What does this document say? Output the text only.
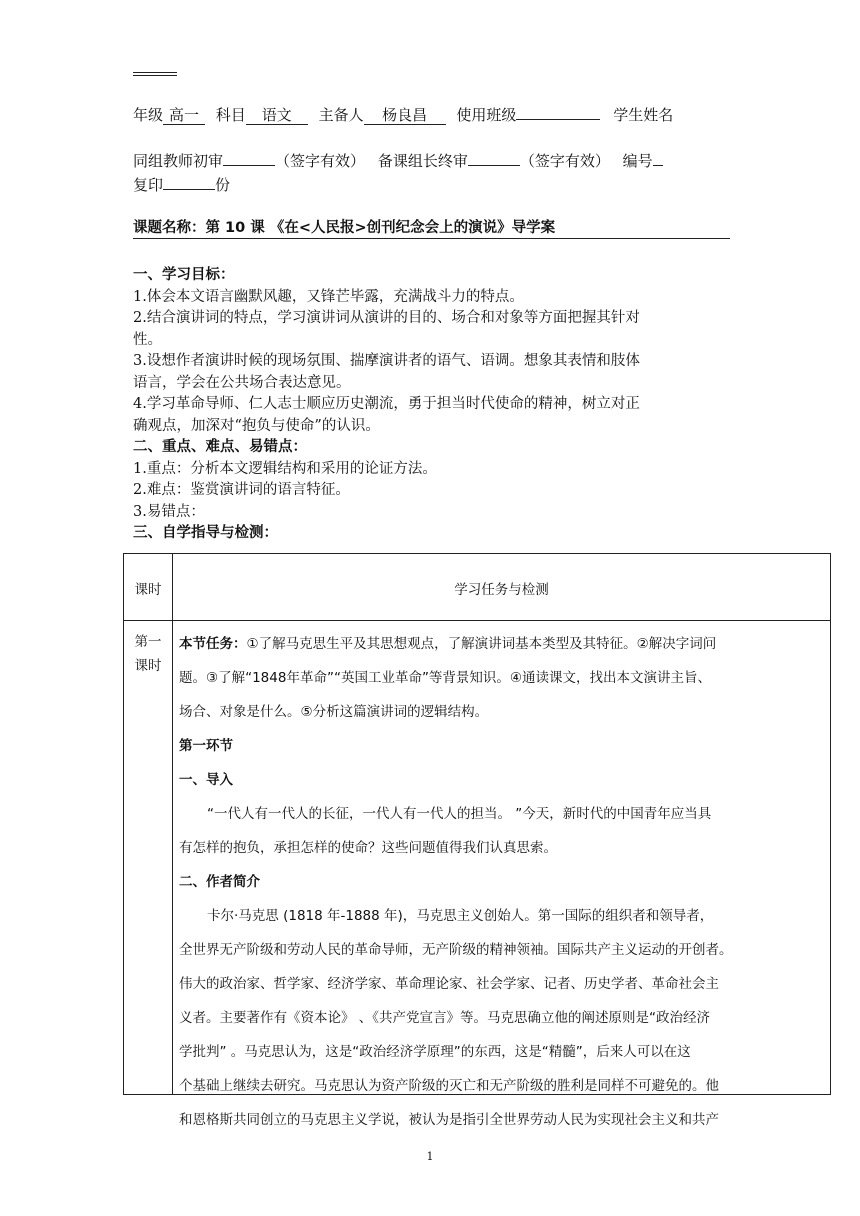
年级 高一 科目 语文 主备人 杨良昌 使用班级	学生姓名
同组教师初审	（签字有效） 备课组长终审	（签字有效） 编号
复印	份
课题名称：第 10 课 《在<人民报>创刊纪念会上的演说》导学案
一、学习目标：
1.体会本文语言幽默风趣，又锋芒毕露，充满战斗力的特点。
2.结合演讲词的特点，学习演讲词从演讲的目的、场合和对象等方面把握其针对
性。
3.设想作者演讲时候的现场氛围、揣摩演讲者的语气、语调。想象其表情和肢体
语言，学会在公共场合表达意见。
4.学习革命导师、仁人志士顺应历史潮流，勇于担当时代使命的精神，树立对正
确观点，加深对“抱负与使命”的认识。
二、重点、难点、易错点：
1.重点：分析本文逻辑结构和采用的论证方法。
2.难点：鉴赏演讲词的语言特征。
3.易错点：
三、自学指导与检测：
课时	学习任务与检测
第一
课时
本节任务：①了解马克思生平及其思想观点，了解演讲词基本类型及其特征。②解决字词问
题。③了解“1848年革命”“英国工业革命”等背景知识。④通读课文，找出本文演讲主旨、
场合、对象是什么。⑤分析这篇演讲词的逻辑结构。
第一环节
一、导入
“一代人有一代人的长征，一代人有一代人的担当。 ”今天，新时代的中国青年应当具
有怎样的抱负，承担怎样的使命？这些问题值得我们认真思索。
二、作者简介
卡尔·马克思 (1818 年-1888 年)，马克思主义创始人。第一国际的组织者和领导者，
全世界无产阶级和劳动人民的革命导师，无产阶级的精神领袖。国际共产主义运动的开创者。
伟大的政治家、哲学家、经济学家、革命理论家、社会学家、记者、历史学者、革命社会主
义者。主要著作有《资本论》 、《共产党宣言》等。马克思确立他的阐述原则是“政治经济
学批判” 。马克思认为，这是“政治经济学原理”的东西，这是“精髓”，后来人可以在这
个基础上继续去研究。马克思认为资产阶级的灭亡和无产阶级的胜利是同样不可避免的。他
和恩格斯共同创立的马克思主义学说，被认为是指引全世界劳动人民为实现社会主义和共产
1
